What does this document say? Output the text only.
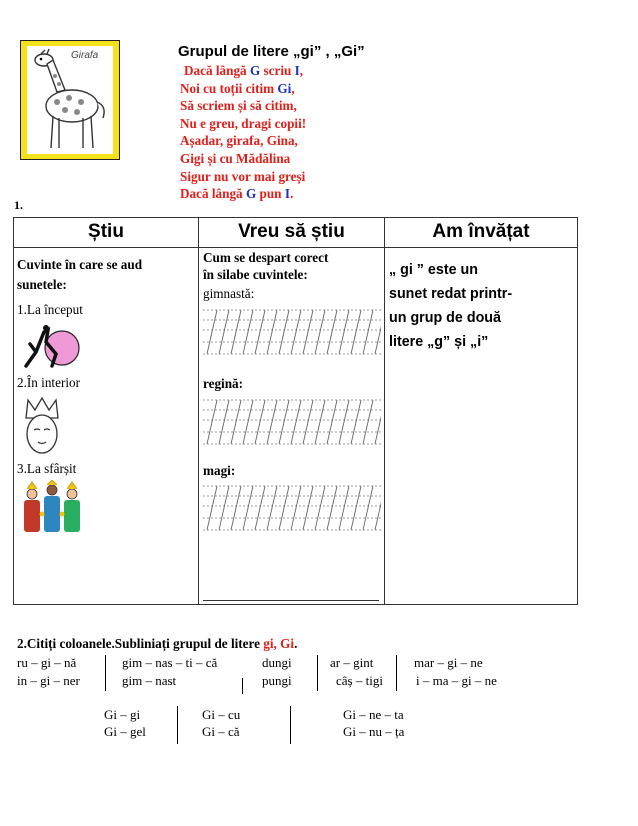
Girafa	Grupul de litere „gi” , „Gi”
Dacă lângă G scriu I,
Noi cu toții citim Gi,
Să scriem și să citim,
Nu e greu, dragi copii!
Așadar, girafa, Gina,
Gigi și cu Mădălina
Sigur nu vor mai greși
Dacă lângă G pun I.
1.
Știu	Vreu să știu	Am învățat
Cuvinte în care se aud
sunetele:
1.La început
2.În interior
3.La sfârșit
Cum se despart corect
în silabe cuvintele:
gimnastă:
regină:
magi:
„ gi ” este un
sunet redat printr-
un grup de două
litere „g” și „i”
2.Citiți coloanele.Subliniați grupul de litere gi, Gi.
ru – gi – nă	gim – nas – ti – că	dungi	ar – gint	mar – gi – ne
in – gi – ner	gim – nast	pungi	câș – tigi	i – ma – gi – ne
Gi – gi	Gi – cu	Gi – ne – ta
Gi – gel	Gi – că	Gi – nu – ța
